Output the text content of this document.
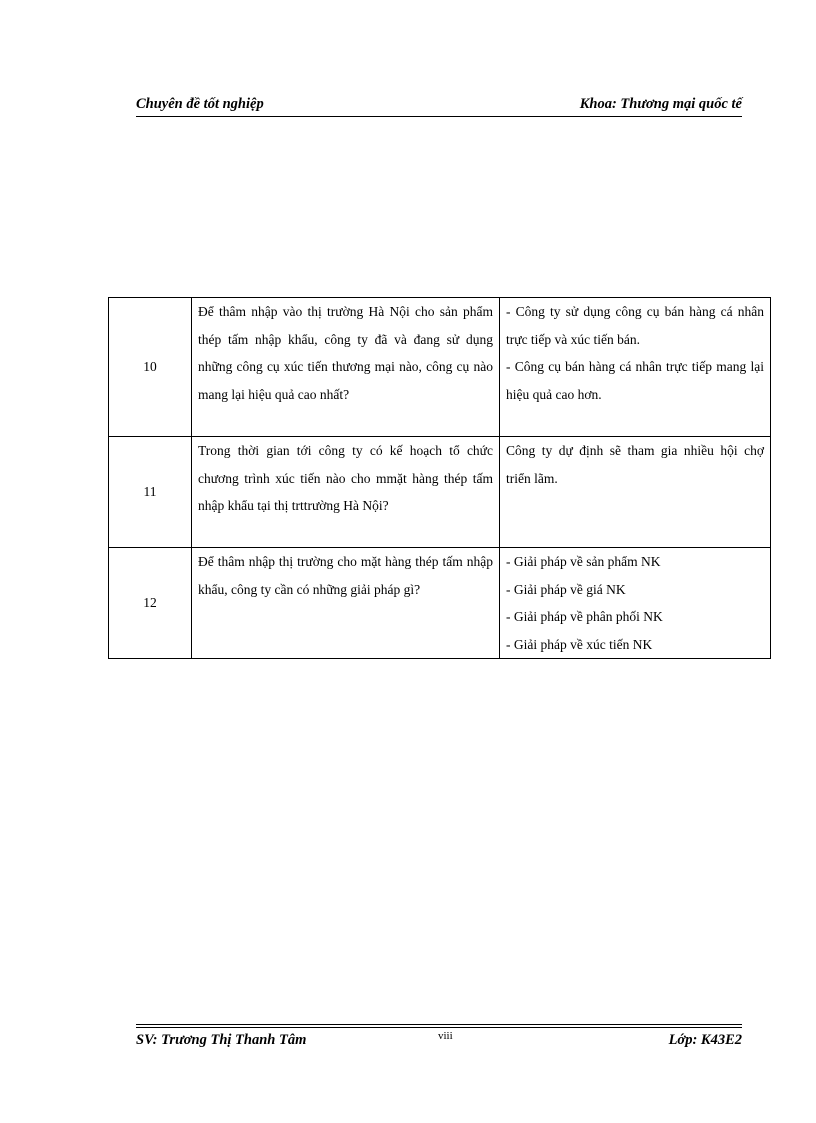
Chuyên đề tốt nghiệp	Khoa: Thương mại quốc tế
10	Để thâm nhập vào thị trường Hà Nội cho sản phẩm thép tấm nhập khẩu, công ty đã và đang sử dụng những công cụ xúc tiến thương mại nào, công cụ nào mang lại hiệu quả cao nhất?	- Công ty sử dụng công cụ bán hàng cá nhân trực tiếp và xúc tiến bán.
- Công cụ bán hàng cá nhân trực tiếp mang lại hiệu quả cao hơn.

11	Trong thời gian tới công ty có kế hoạch tổ chức chương trình xúc tiến nào cho mmặt hàng thép tấm nhập khẩu tại thị trttrường Hà Nội?	Công ty dự định sẽ tham gia nhiều hội chợ triển lãm.

12	Để thâm nhập thị trường cho mặt hàng thép tấm nhập khẩu, công ty cần có những giải pháp gì?	- Giải pháp về sản phẩm NK
- Giải pháp về giá NK
- Giải pháp về phân phối NK
- Giải pháp về xúc tiến NK
SV: Trương Thị Thanh Tâm	viii	Lớp: K43E2
